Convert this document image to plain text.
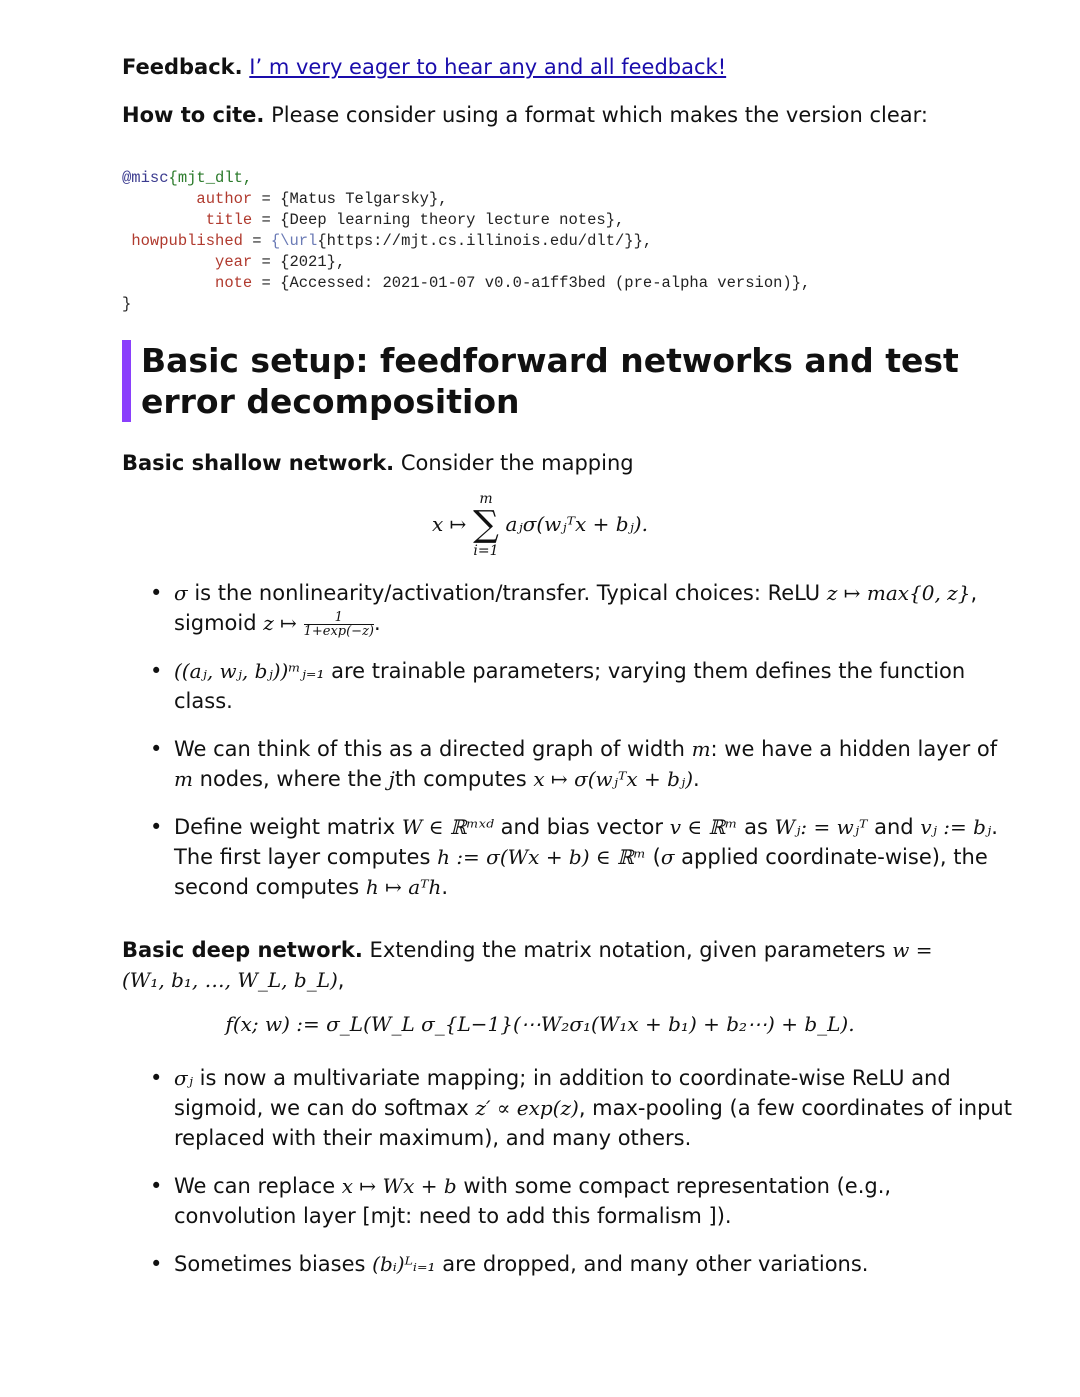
Feedback. I’ m very eager to hear any and all feedback!
How to cite. Please consider using a format which makes the version clear:
@misc{mjt_dlt,
author = {Matus Telgarsky},
title = {Deep learning theory lecture notes},
howpublished = {\url{https://mjt.cs.illinois.edu/dlt/}},
year = {2021},
note = {Accessed: 2021-01-07 v0.0-a1ff3bed (pre-alpha version)},
}
Basic setup: feedforward networks and test error decomposition
Basic shallow network. Consider the mapping
x ↦
m
∑
i=1
aⱼσ(wⱼᵀx + bⱼ).
• σ is the nonlinearity/activation/transfer. Typical choices: ReLU z ↦ max{0, z}, sigmoid z ↦ $\frac{1}{1+\exp(-z)}$ .
• ((aⱼ, wⱼ, bⱼ))ᵐⱼ₌₁ are trainable parameters; varying them defines the function class.
• We can think of this as a directed graph of width m: we have a hidden layer of m nodes, where the jth computes x ↦ σ(wⱼᵀx + bⱼ).
• Define weight matrix W ∈ ℝᵐˣᵈ and bias vector v ∈ ℝᵐ as Wⱼ: = wⱼᵀ and vⱼ := bⱼ. The first layer computes h := σ(Wx + b) ∈ ℝᵐ (σ applied coordinate-wise), the second computes h ↦ aᵀh.
Basic deep network. Extending the matrix notation, given parameters w = (W₁, b₁, …, W_L, b_L),
f(x; w) := σ_L(W_L σ_{L−1}(⋯W₂σ₁(W₁x + b₁) + b₂⋯) + b_L).
• σⱼ is now a multivariate mapping; in addition to coordinate-wise ReLU and sigmoid, we can do softmax z′ ∝ exp(z), max-pooling (a few coordinates of input replaced with their maximum), and many others.
• We can replace x ↦ Wx + b with some compact representation (e.g., convolution layer [mjt: need to add this formalism ]).
• Sometimes biases (bᵢ)ᴸᵢ₌₁ are dropped, and many other variations.
